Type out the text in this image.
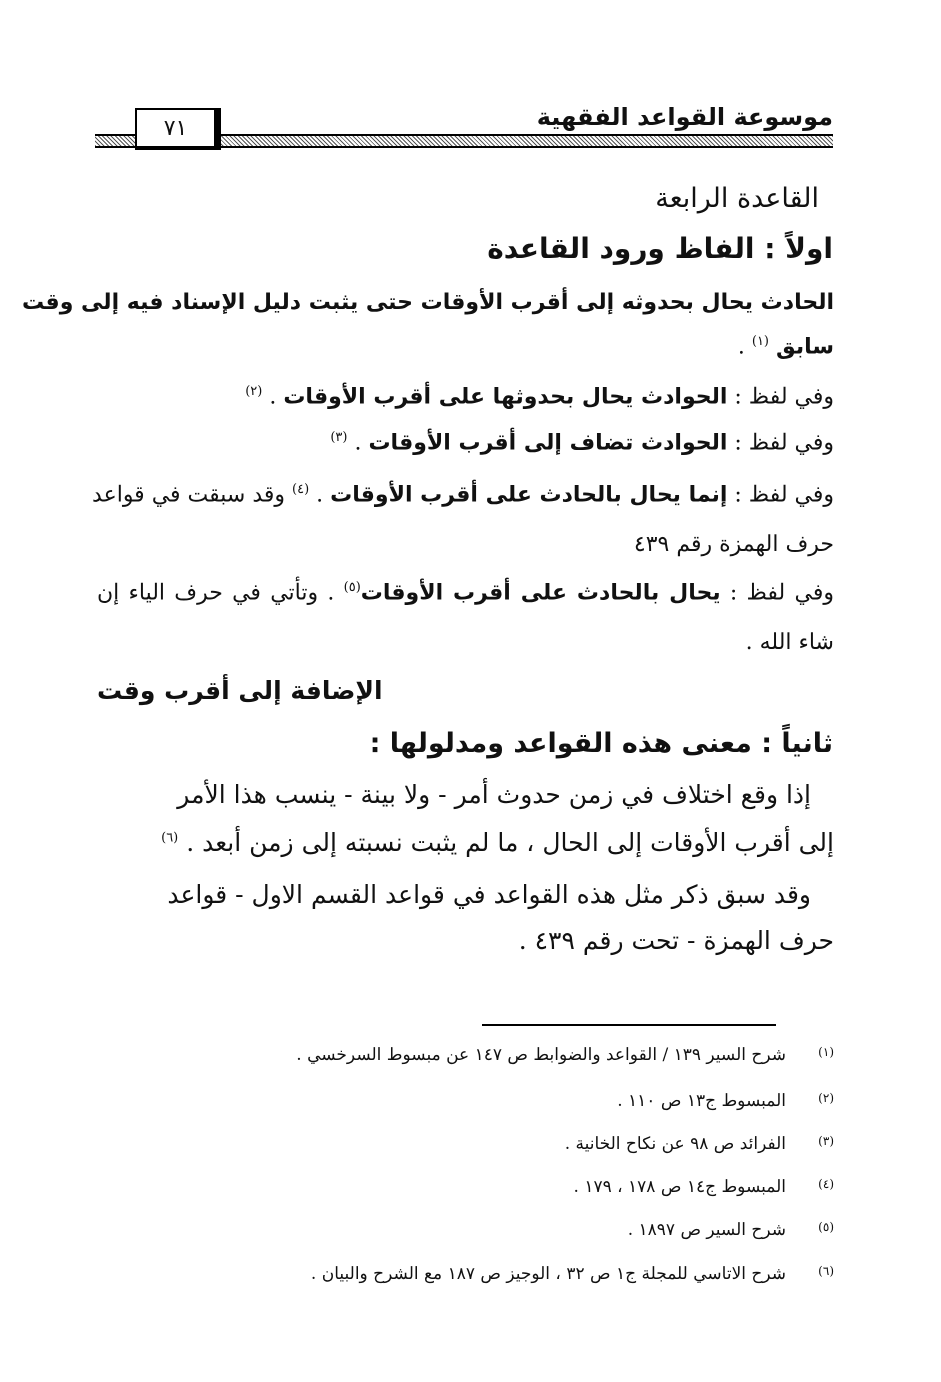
موسوعة القواعد الفقهية
٧١
القاعدة الرابعة
اولاً : الفاظ ورود القاعدة
الحادث يحال بحدوثه إلى أقرب الأوقات حتى يثبت دليل الإسناد فيه إلى وقت
سابق $^{(١)}$ .
وفي لفظ : الحوادث يحال بحدوثها على أقرب الأوقات . $^{(٢)}$
وفي لفظ : الحوادث تضاف إلى أقرب الأوقات . $^{(٣)}$
وفي لفظ : إنما يحال بالحادث على أقرب الأوقات . $^{(٤)}$ وقد سبقت في قواعد
حرف الهمزة رقم ٤٣٩
وفي لفظ : يحال بالحادث على أقرب الأوقات$^{(٥)}$ . وتأتي في حرف الياء إن
شاء الله .
الإضافة إلى أقرب وقت
ثانياً : معنى هذه القواعد ومدلولها :
إذا وقع اختلاف في زمن حدوث أمر - ولا بينة - ينسب هذا الأمر
إلى أقرب الأوقات إلى الحال ، ما لم يثبت نسبته إلى زمن أبعد . $^{(٦)}$
وقد سبق ذكر مثل هذه القواعد في قواعد القسم الاول - قواعد
حرف الهمزة - تحت رقم ٤٣٩ .
(١)شرح السير ١٣٩ / القواعد والضوابط ص ١٤٧ عن مبسوط السرخسي .
(٢)المبسوط ج١٣ ص ١١٠ .
(٣)الفرائد ص ٩٨ عن نكاح الخانية .
(٤)المبسوط ج١٤ ص ١٧٨ ، ١٧٩ .
(٥)شرح السير ص ١٨٩٧ .
(٦)شرح الاتاسي للمجلة ج١ ص ٣٢ ، الوجيز ص ١٨٧ مع الشرح والبيان .
